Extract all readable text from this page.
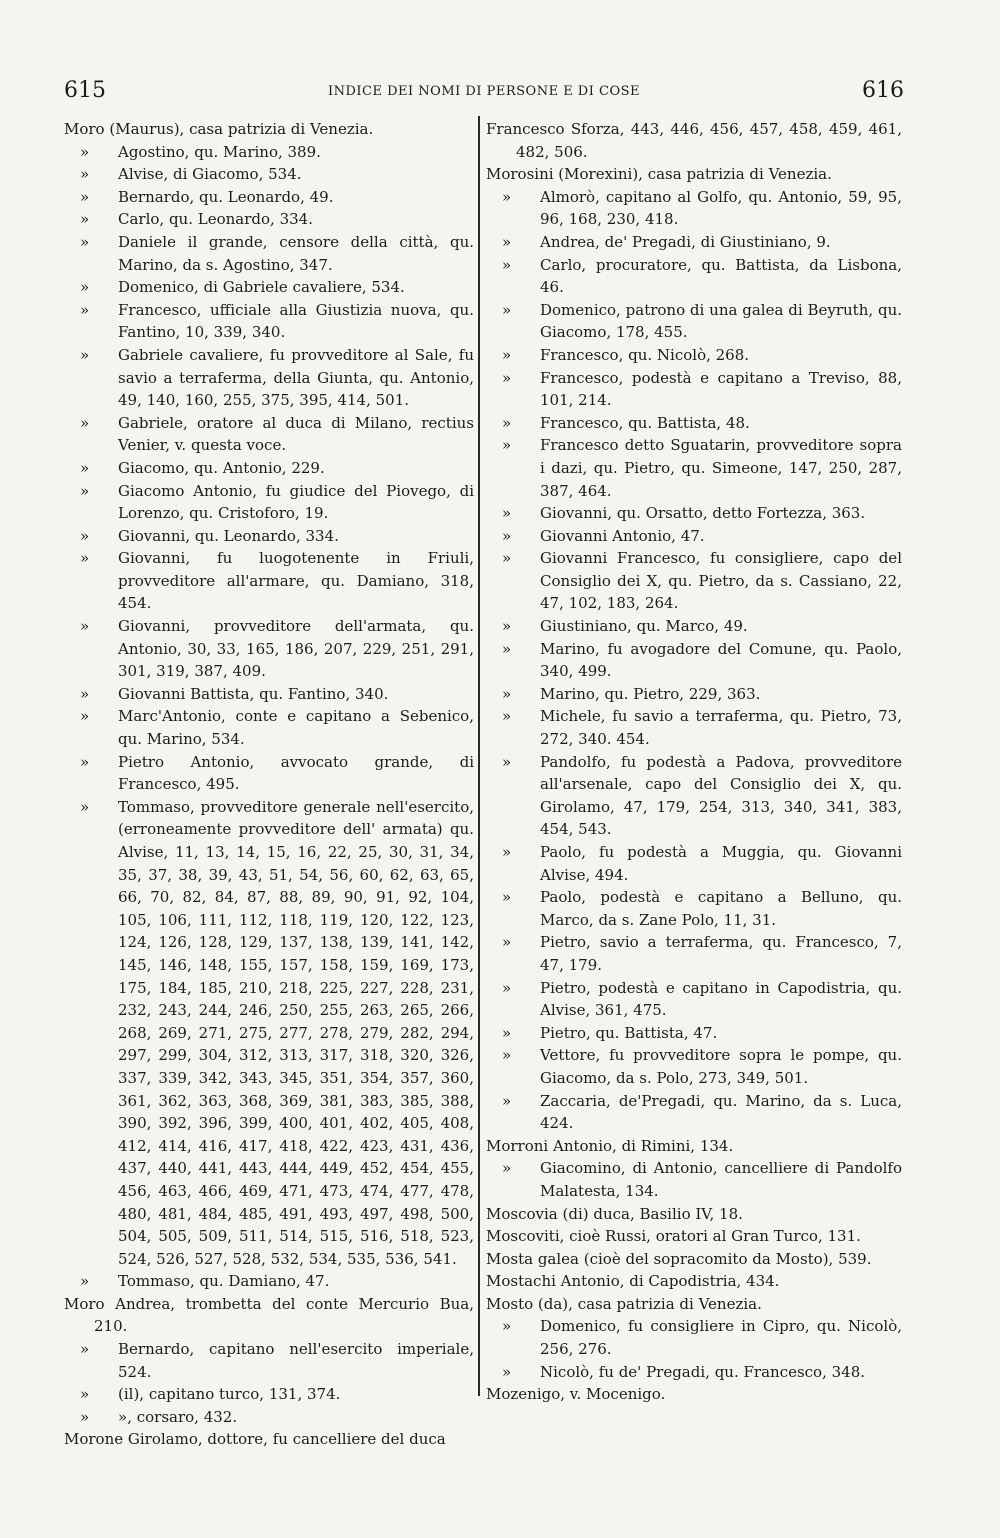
615	INDICE DEI NOMI DI PERSONE E DI COSE	616

Moro (Maurus), casa patrizia di Venezia.

» Agostino, qu. Marino, 389.

» Alvise, di Giacomo, 534.

» Bernardo, qu. Leonardo, 49.

» Carlo, qu. Leonardo, 334.

» Daniele il grande, censore della città, qu. Marino, da s. Agostino, 347.

» Domenico, di Gabriele cavaliere, 534.

» Francesco, ufficiale alla Giustizia nuova, qu. Fantino, 10, 339, 340.

» Gabriele cavaliere, fu provveditore al Sale, fu savio a terraferma, della Giunta, qu. Antonio, 49, 140, 160, 255, 375, 395, 414, 501.

» Gabriele, oratore al duca di Milano, rectius Venier, v. questa voce.

» Giacomo, qu. Antonio, 229.

» Giacomo Antonio, fu giudice del Piovego, di Lorenzo, qu. Cristoforo, 19.

» Giovanni, qu. Leonardo, 334.

» Giovanni, fu luogotenente in Friuli, provveditore all'armare, qu. Damiano, 318, 454.

» Giovanni, provveditore dell'armata, qu. Antonio, 30, 33, 165, 186, 207, 229, 251, 291, 301, 319, 387, 409.

» Giovanni Battista, qu. Fantino, 340.

» Marc'Antonio, conte e capitano a Sebenico, qu. Marino, 534.

» Pietro Antonio, avvocato grande, di Francesco, 495.

» Tommaso, provveditore generale nell'esercito, (erroneamente provveditore dell' armata) qu. Alvise, 11, 13, 14, 15, 16, 22, 25, 30, 31, 34, 35, 37, 38, 39, 43, 51, 54, 56, 60, 62, 63, 65, 66, 70, 82, 84, 87, 88, 89, 90, 91, 92, 104, 105, 106, 111, 112, 118, 119, 120, 122, 123, 124, 126, 128, 129, 137, 138, 139, 141, 142, 145, 146, 148, 155, 157, 158, 159, 169, 173, 175, 184, 185, 210, 218, 225, 227, 228, 231, 232, 243, 244, 246, 250, 255, 263, 265, 266, 268, 269, 271, 275, 277, 278, 279, 282, 294, 297, 299, 304, 312, 313, 317, 318, 320, 326, 337, 339, 342, 343, 345, 351, 354, 357, 360, 361, 362, 363, 368, 369, 381, 383, 385, 388, 390, 392, 396, 399, 400, 401, 402, 405, 408, 412, 414, 416, 417, 418, 422, 423, 431, 436, 437, 440, 441, 443, 444, 449, 452, 454, 455, 456, 463, 466, 469, 471, 473, 474, 477, 478, 480, 481, 484, 485, 491, 493, 497, 498, 500, 504, 505, 509, 511, 514, 515, 516, 518, 523, 524, 526, 527, 528, 532, 534, 535, 536, 541.

» Tommaso, qu. Damiano, 47.

Moro Andrea, trombetta del conte Mercurio Bua, 210.

» Bernardo, capitano nell'esercito imperiale, 524.

» (il), capitano turco, 131, 374.

» », corsaro, 432.

Morone Girolamo, dottore, fu cancelliere del duca

Francesco Sforza, 443, 446, 456, 457, 458, 459, 461, 482, 506.

Morosini (Morexini), casa patrizia di Venezia.

» Almorò, capitano al Golfo, qu. Antonio, 59, 95, 96, 168, 230, 418.

» Andrea, de' Pregadi, di Giustiniano, 9.

» Carlo, procuratore, qu. Battista, da Lisbona, 46.

» Domenico, patrono di una galea di Beyruth, qu. Giacomo, 178, 455.

» Francesco, qu. Nicolò, 268.

» Francesco, podestà e capitano a Treviso, 88, 101, 214.

» Francesco, qu. Battista, 48.

» Francesco detto Sguatarin, provveditore sopra i dazi, qu. Pietro, qu. Simeone, 147, 250, 287, 387, 464.

» Giovanni, qu. Orsatto, detto Fortezza, 363.

» Giovanni Antonio, 47.

» Giovanni Francesco, fu consigliere, capo del Consiglio dei X, qu. Pietro, da s. Cassiano, 22, 47, 102, 183, 264.

» Giustiniano, qu. Marco, 49.

» Marino, fu avogadore del Comune, qu. Paolo, 340, 499.

» Marino, qu. Pietro, 229, 363.

» Michele, fu savio a terraferma, qu. Pietro, 73, 272, 340. 454.

» Pandolfo, fu podestà a Padova, provveditore all'arsenale, capo del Consiglio dei X, qu. Girolamo, 47, 179, 254, 313, 340, 341, 383, 454, 543.

» Paolo, fu podestà a Muggia, qu. Giovanni Alvise, 494.

» Paolo, podestà e capitano a Belluno, qu. Marco, da s. Zane Polo, 11, 31.

» Pietro, savio a terraferma, qu. Francesco, 7, 47, 179.

» Pietro, podestà e capitano in Capodistria, qu. Alvise, 361, 475.

» Pietro, qu. Battista, 47.

» Vettore, fu provveditore sopra le pompe, qu. Giacomo, da s. Polo, 273, 349, 501.

» Zaccaria, de'Pregadi, qu. Marino, da s. Luca, 424.

Morroni Antonio, di Rimini, 134.

» Giacomino, di Antonio, cancelliere di Pandolfo Malatesta, 134.

Moscovia (di) duca, Basilio IV, 18.

Moscoviti, cioè Russi, oratori al Gran Turco, 131.

Mosta galea (cioè del sopracomito da Mosto), 539.

Mostachi Antonio, di Capodistria, 434.

Mosto (da), casa patrizia di Venezia.

» Domenico, fu consigliere in Cipro, qu. Nicolò, 256, 276.

» Nicolò, fu de' Pregadi, qu. Francesco, 348.

Mozenigo, v. Mocenigo.
